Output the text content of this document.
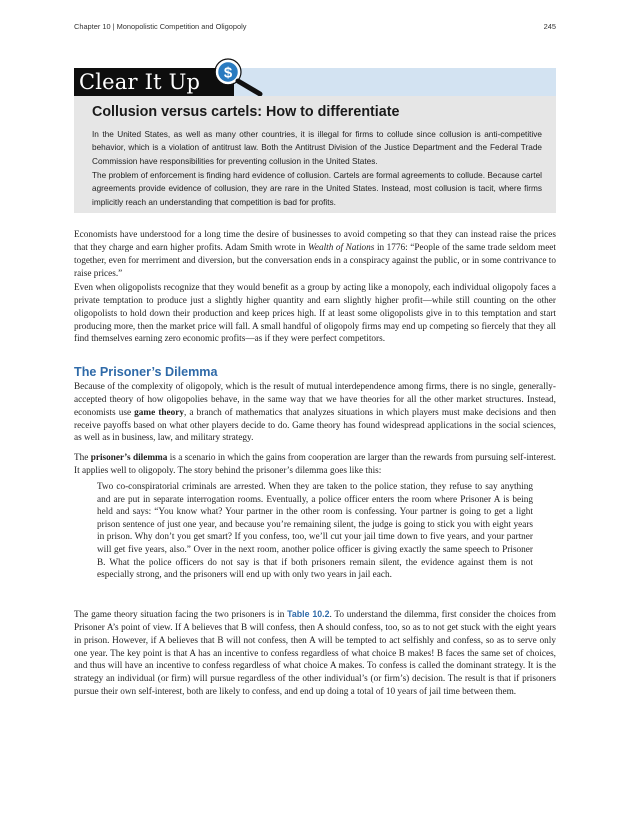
Chapter 10 | Monopolistic Competition and Oligopoly	245
Clear It Up	$
Collusion versus cartels: How to differentiate

In the United States, as well as many other countries, it is illegal for firms to collude since collusion is anti-competitive behavior, which is a violation of antitrust law. Both the Antitrust Division of the Justice Department and the Federal Trade Commission have responsibilities for preventing collusion in the United States.

The problem of enforcement is finding hard evidence of collusion. Cartels are formal agreements to collude. Because cartel agreements provide evidence of collusion, they are rare in the United States. Instead, most collusion is tacit, where firms implicitly reach an understanding that competition is bad for profits.

Economists have understood for a long time the desire of businesses to avoid competing so that they can instead raise the prices that they charge and earn higher profits. Adam Smith wrote in Wealth of Nations in 1776: “People of the same trade seldom meet together, even for merriment and diversion, but the conversation ends in a conspiracy against the public, or in some contrivance to raise prices.”

Even when oligopolists recognize that they would benefit as a group by acting like a monopoly, each individual oligopoly faces a private temptation to produce just a slightly higher quantity and earn slightly higher profit—while still counting on the other oligopolists to hold down their production and keep prices high. If at least some oligopolists give in to this temptation and start producing more, then the market price will fall. A small handful of oligopoly firms may end up competing so fiercely that they all find themselves earning zero economic profits—as if they were perfect competitors.

The Prisoner’s Dilemma

Because of the complexity of oligopoly, which is the result of mutual interdependence among firms, there is no single, generally-accepted theory of how oligopolies behave, in the same way that we have theories for all the other market structures. Instead, economists use game theory, a branch of mathematics that analyzes situations in which players must make decisions and then receive payoffs based on what other players decide to do. Game theory has found widespread applications in the social sciences, as well as in business, law, and military strategy.

The prisoner’s dilemma is a scenario in which the gains from cooperation are larger than the rewards from pursuing self-interest. It applies well to oligopoly. The story behind the prisoner’s dilemma goes like this:

Two co-conspiratorial criminals are arrested. When they are taken to the police station, they refuse to say anything and are put in separate interrogation rooms. Eventually, a police officer enters the room where Prisoner A is being held and says: “You know what? Your partner in the other room is confessing. Your partner is going to get a light prison sentence of just one year, and because you’re remaining silent, the judge is going to stick you with eight years in prison. Why don’t you get smart? If you confess, too, we’ll cut your jail time down to five years, and your partner will get five years, also.” Over in the next room, another police officer is giving exactly the same speech to Prisoner B. What the police officers do not say is that if both prisoners remain silent, the evidence against them is not especially strong, and the prisoners will end up with only two years in jail each.

The game theory situation facing the two prisoners is in Table 10.2. To understand the dilemma, first consider the choices from Prisoner A’s point of view. If A believes that B will confess, then A should confess, too, so as to not get stuck with the eight years in prison. However, if A believes that B will not confess, then A will be tempted to act selfishly and confess, so as to serve only one year. The key point is that A has an incentive to confess regardless of what choice B makes! B faces the same set of choices, and thus will have an incentive to confess regardless of what choice A makes. To confess is called the dominant strategy. It is the strategy an individual (or firm) will pursue regardless of the other individual’s (or firm’s) decision. The result is that if prisoners pursue their own self-interest, both are likely to confess, and end up doing a total of 10 years of jail time between them.
